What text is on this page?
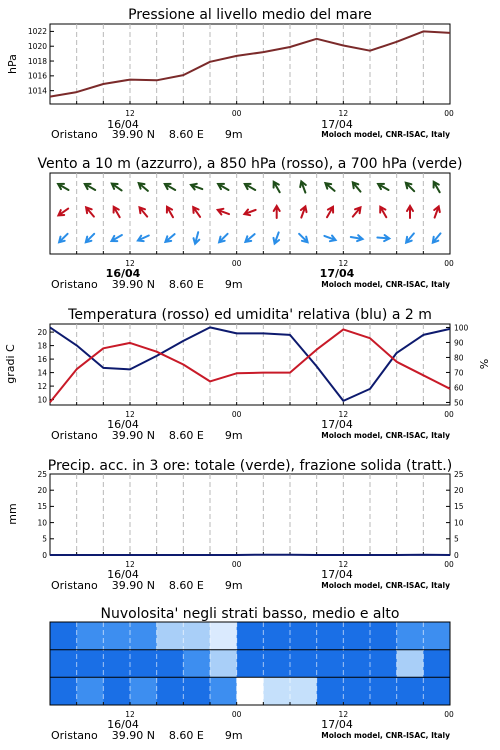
Pressione al livello medio del mare
1014
1016
1018
1020
1022
12	00	12	00
hPa
16/04	17/04
Oristano    39.90 N    8.60 E      9m	Moloch model, CNR-ISAC, Italy
Vento a 10 m (azzurro), a 850 hPa (rosso), a 700 hPa (verde)
12	00	12	00
16/04	17/04
Oristano    39.90 N    8.60 E      9m	Moloch model, CNR-ISAC, Italy
Temperatura (rosso) ed umidita' relativa (blu) a 2 m
10
12
14
16
18
20
50
60
70
80
90
100
12	00	12	00
gradi C	%
16/04	17/04
Oristano    39.90 N    8.60 E      9m	Moloch model, CNR-ISAC, Italy
Precip. acc. in 3 ore: totale (verde), frazione solida (tratt.)
0
5
10
15
20
25
0
5
10
15
20
25
12	00	12	00
mm
16/04	17/04
Oristano    39.90 N    8.60 E      9m	Moloch model, CNR-ISAC, Italy
Nuvolosita' negli strati basso, medio e alto
12	00	12	00
16/04	17/04
Oristano    39.90 N    8.60 E      9m	Moloch model, CNR-ISAC, Italy
